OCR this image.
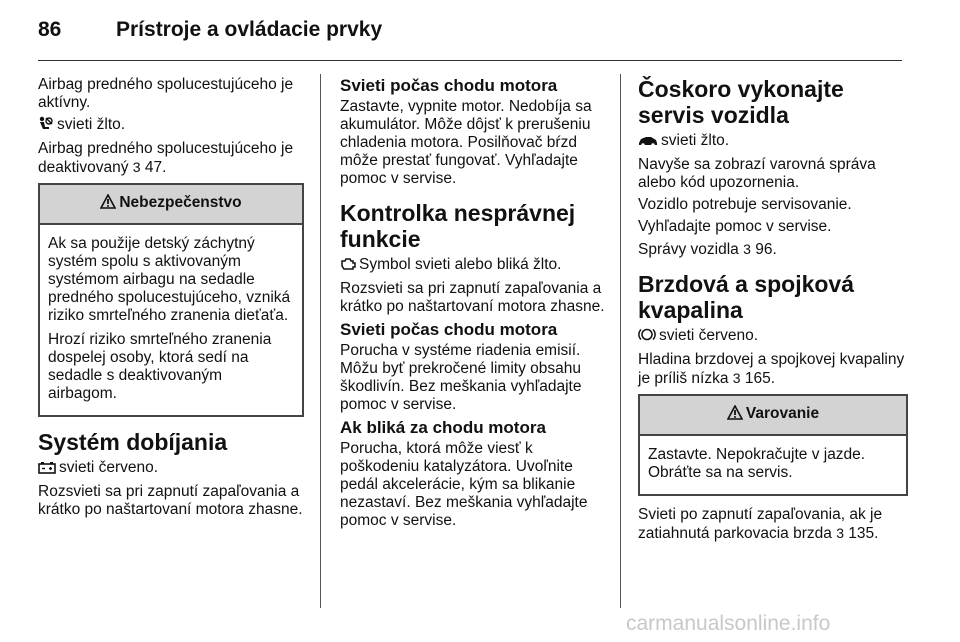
86	Prístroje a ovládacie prvky

Airbag predného spolucestujúceho je aktívny.

svieti žlto.

Airbag predného spolucestujúceho je deaktivovaný 3 47.

Nebezpečenstvo

Ak sa použije detský záchytný systém spolu s aktivovaným systémom airbagu na sedadle predného spolucestujúceho, vzniká riziko smrteľného zranenia dieťaťa.

Hrozí riziko smrteľného zranenia dospelej osoby, ktorá sedí na sedadle s deaktivovaným airbagom.

Systém dobíjania

svieti červeno.

Rozsvieti sa pri zapnutí zapaľovania a krátko po naštartovaní motora zhasne.

Svieti počas chodu motora

Zastavte, vypnite motor. Nedobíja sa akumulátor. Môže dôjsť k prerušeniu chladenia motora. Posilňovač bŕzd môže prestať fungovať. Vyhľadajte pomoc v servise.

Kontrolka nesprávnej funkcie

Symbol svieti alebo bliká žlto.

Rozsvieti sa pri zapnutí zapaľovania a krátko po naštartovaní motora zhasne.

Svieti počas chodu motora

Porucha v systéme riadenia emisií. Môžu byť prekročené limity obsahu škodlivín. Bez meškania vyhľadajte pomoc v servise.

Ak bliká za chodu motora

Porucha, ktorá môže viesť k poškodeniu katalyzátora. Uvoľnite pedál akcelerácie, kým sa blikanie nezastaví. Bez meškania vyhľadajte pomoc v servise.

Čoskoro vykonajte servis vozidla

svieti žlto.

Navyše sa zobrazí varovná správa alebo kód upozornenia.

Vozidlo potrebuje servisovanie.

Vyhľadajte pomoc v servise.

Správy vozidla 3 96.

Brzdová a spojková kvapalina

svieti červeno.

Hladina brzdovej a spojkovej kvapaliny je príliš nízka 3 165.

Varovanie

Zastavte. Nepokračujte v jazde. Obráťte sa na servis.

Svieti po zapnutí zapaľovania, ak je zatiahnutá parkovacia brzda 3 135.

carmanualsonline.info
